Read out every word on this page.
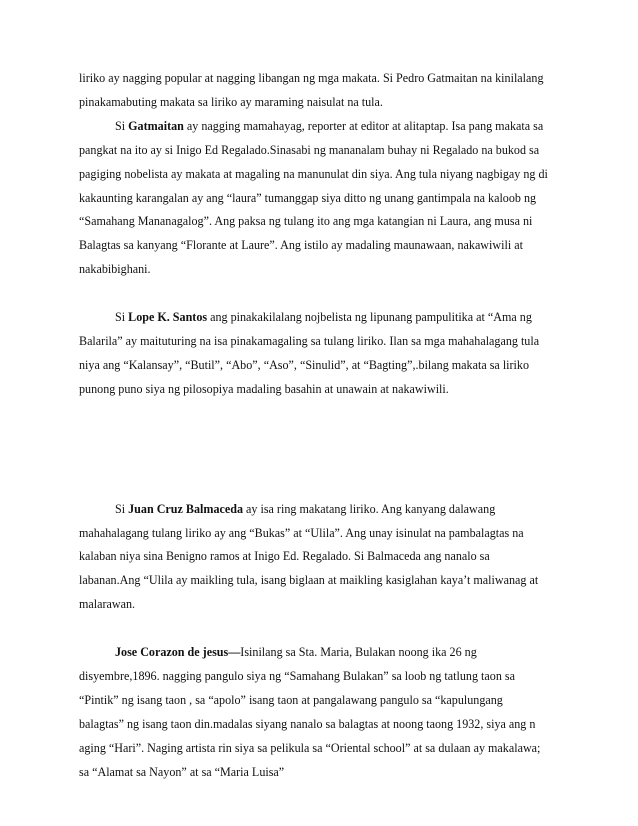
liriko ay nagging popular at nagging libangan ng mga makata. Si Pedro Gatmaitan na kinilalang

pinakamabuting makata sa liriko ay maraming naisulat na tula.

Si Gatmaitan ay nagging mamahayag, reporter at editor at alitaptap. Isa pang makata sa

pangkat na ito ay si Inigo Ed Regalado.Sinasabi ng mananalam buhay ni Regalado na bukod sa

pagiging nobelista ay makata at magaling na manunulat din siya. Ang tula niyang nagbigay ng di

kakaunting karangalan ay ang “laura” tumanggap siya ditto ng unang gantimpala na kaloob ng

“Samahang Mananagalog”. Ang paksa ng tulang ito ang mga katangian ni Laura, ang musa ni

Balagtas sa kanyang “Florante at Laure”. Ang istilo ay madaling maunawaan, nakawiwili at

nakabibighani.

Si Lope K. Santos ang pinakakilalang nojbelista ng lipunang pampulitika at “Ama ng

Balarila” ay maituturing na isa pinakamagaling sa tulang liriko. Ilan sa mga mahahalagang tula

niya ang “Kalansay”, “Butil”, “Abo”, “Aso”, “Sinulid”, at “Bagting”,.bilang makata sa liriko

punong puno siya ng pilosopiya madaling basahin at unawain at nakawiwili.

Si Juan Cruz Balmaceda ay isa ring makatang liriko. Ang kanyang dalawang

mahahalagang tulang liriko ay ang “Bukas” at “Ulila”. Ang unay isinulat na pambalagtas na

kalaban niya sina Benigno ramos at Inigo Ed. Regalado. Si Balmaceda ang nanalo sa

labanan.Ang “Ulila ay maikling tula, isang biglaan at maikling kasiglahan kaya’t maliwanag at

malarawan.

Jose Corazon de jesus—Isinilang sa Sta. Maria, Bulakan noong ika 26 ng

disyembre,1896. nagging pangulo siya ng “Samahang Bulakan” sa loob ng tatlung taon sa

“Pintik” ng isang taon , sa “apolo” isang taon at pangalawang pangulo sa “kapulungang

balagtas” ng isang taon din.madalas siyang nanalo sa balagtas at noong taong 1932, siya ang n

aging “Hari”. Naging artista rin siya sa pelikula sa “Oriental school” at sa dulaan ay makalawa;

sa “Alamat sa Nayon” at sa “Maria Luisa”
